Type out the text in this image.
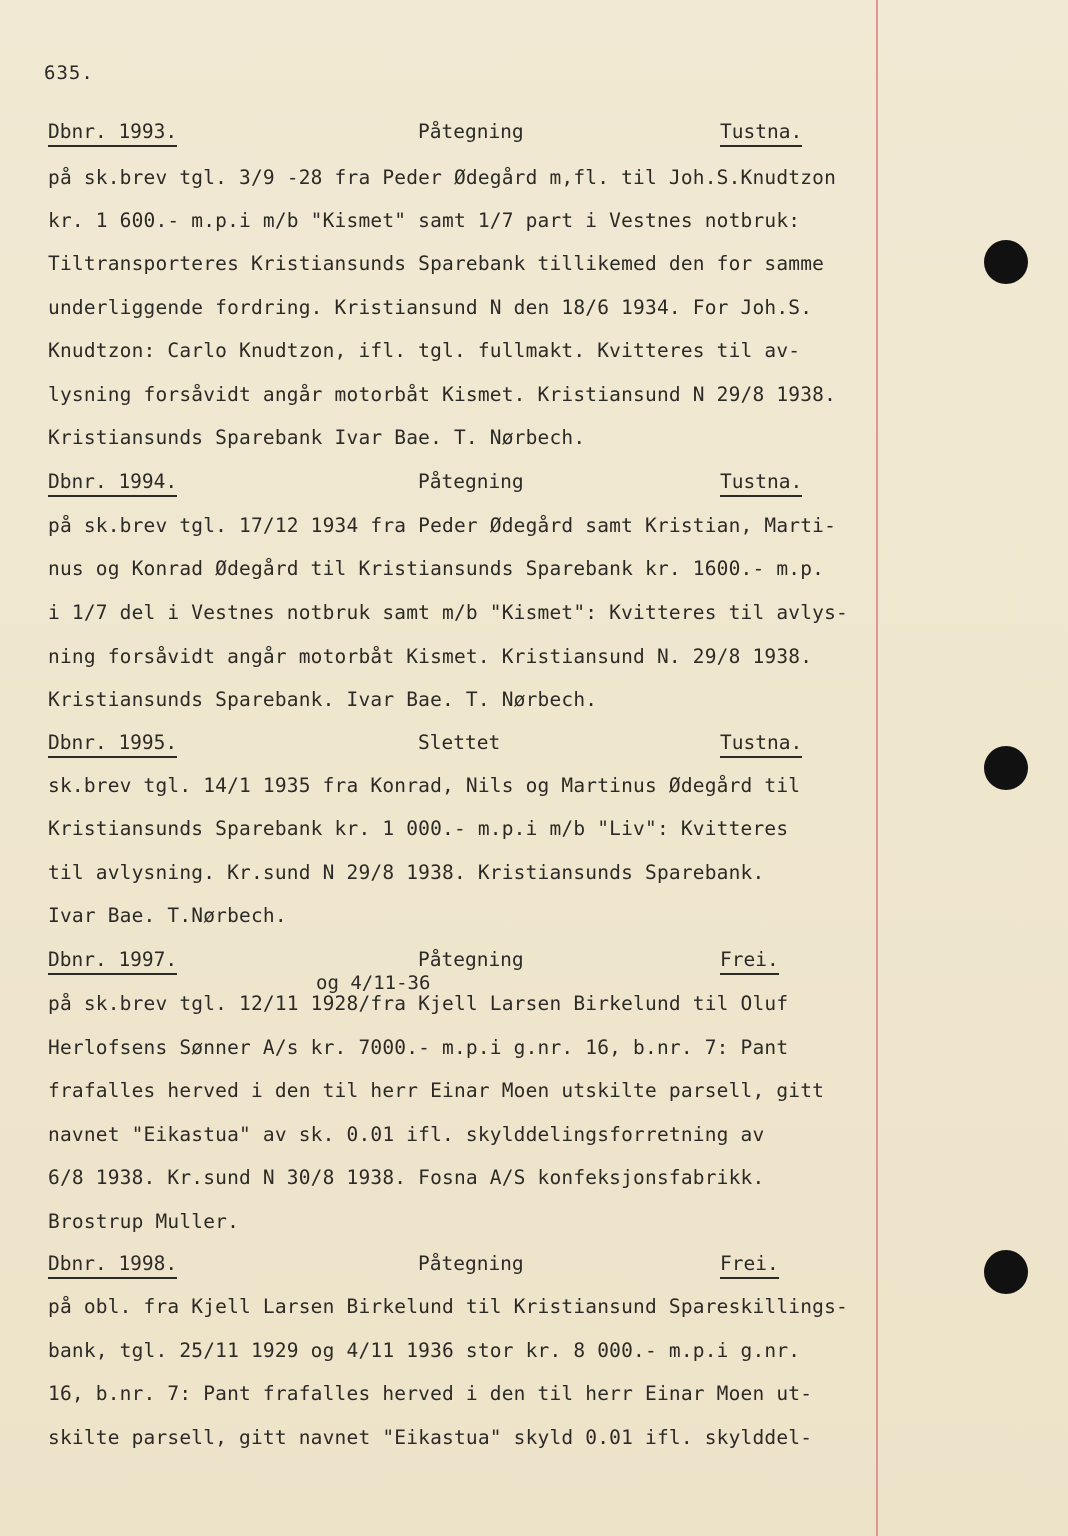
635.
Dbnr. 1993.	Påtegning	Tustna.
på sk.brev tgl. 3/9 -28 fra Peder Ødegård m,fl. til Joh.S.Knudtzon
kr. 1 600.- m.p.i m/b "Kismet" samt 1/7 part i Vestnes notbruk:
Tiltransporteres Kristiansunds Sparebank tillikemed den for samme
underliggende fordring. Kristiansund N den 18/6 1934. For Joh.S.
Knudtzon: Carlo Knudtzon, ifl. tgl. fullmakt. Kvitteres til av-
lysning forsåvidt angår motorbåt Kismet. Kristiansund N 29/8 1938.
Kristiansunds Sparebank Ivar Bae. T. Nørbech.
Dbnr. 1994.	Påtegning	Tustna.
på sk.brev tgl. 17/12 1934 fra Peder Ødegård samt Kristian, Marti-
nus og Konrad Ødegård til Kristiansunds Sparebank kr. 1600.- m.p.
i 1/7 del i Vestnes notbruk samt m/b "Kismet": Kvitteres til avlys-
ning forsåvidt angår motorbåt Kismet. Kristiansund N. 29/8 1938.
Kristiansunds Sparebank. Ivar Bae. T. Nørbech.
Dbnr. 1995.	Slettet	Tustna.
sk.brev tgl. 14/1 1935 fra Konrad, Nils og Martinus Ødegård til
Kristiansunds Sparebank kr. 1 000.- m.p.i m/b "Liv": Kvitteres
til avlysning. Kr.sund N 29/8 1938. Kristiansunds Sparebank.
Ivar Bae. T.Nørbech.
Dbnr. 1997.	Påtegning	Frei.
og 4/11-36
på sk.brev tgl. 12/11 1928/fra Kjell Larsen Birkelund til Oluf
Herlofsens Sønner A/s kr. 7000.- m.p.i g.nr. 16, b.nr. 7: Pant
frafalles herved i den til herr Einar Moen utskilte parsell, gitt
navnet "Eikastua" av sk. 0.01 ifl. skylddelingsforretning av
6/8 1938. Kr.sund N 30/8 1938. Fosna A/S konfeksjonsfabrikk.
Brostrup Muller.
Dbnr. 1998.	Påtegning	Frei.
på obl. fra Kjell Larsen Birkelund til Kristiansund Spareskillings-
bank, tgl. 25/11 1929 og 4/11 1936 stor kr. 8 000.- m.p.i g.nr.
16, b.nr. 7: Pant frafalles herved i den til herr Einar Moen ut-
skilte parsell, gitt navnet "Eikastua" skyld 0.01 ifl. skylddel-
